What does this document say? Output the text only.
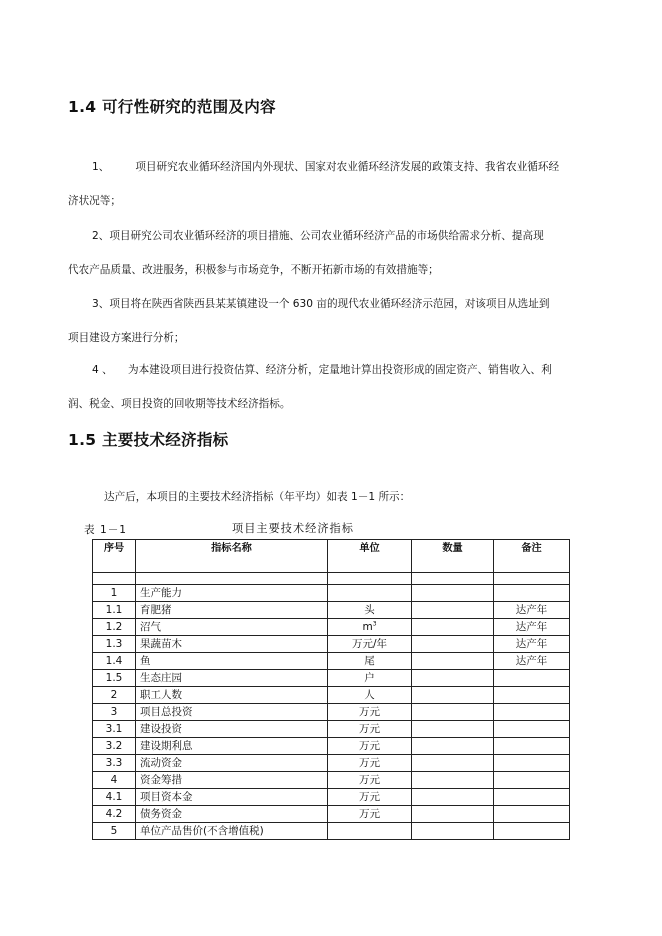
1.4 可行性研究的范围及内容

1、 项目研究农业循环经济国内外现状、国家对农业循环经济发展的政策支持、我省农业循环经
济状况等；

2、项目研究公司农业循环经济的项目措施、公司农业循环经济产品的市场供给需求分析、提高现
代农产品质量、改进服务，积极参与市场竞争，不断开拓新市场的有效措施等；

3、项目将在陕西省陕西县某某镇建设一个 630 亩的现代农业循环经济示范园，对该项目从选址到
项目建设方案进行分析；

4 、 为本建设项目进行投资估算、经济分析，定量地计算出投资形成的固定资产、销售收入、利
润、税金、项目投资的回收期等技术经济指标。

1.5 主要技术经济指标

达产后，本项目的主要技术经济指标（年平均）如表 1－1 所示：

表 1－1	项目主要技术经济指标
序号	指标名称	单位	数量	备注

1	生产能力			
1.1	育肥猪	头		达产年
1.2	沼气	$m^3$		达产年
1.3	果蔬苗木	万元/年		达产年
1.4	鱼	尾		达产年
1.5	生态庄园	户		
2	职工人数	人		
3	项目总投资	万元		
3.1	建设投资	万元		
3.2	建设期利息	万元		
3.3	流动资金	万元		
4	资金筹措	万元		
4.1	项目资本金	万元		
4.2	债务资金	万元		
5	单位产品售价(不含增值税)			
